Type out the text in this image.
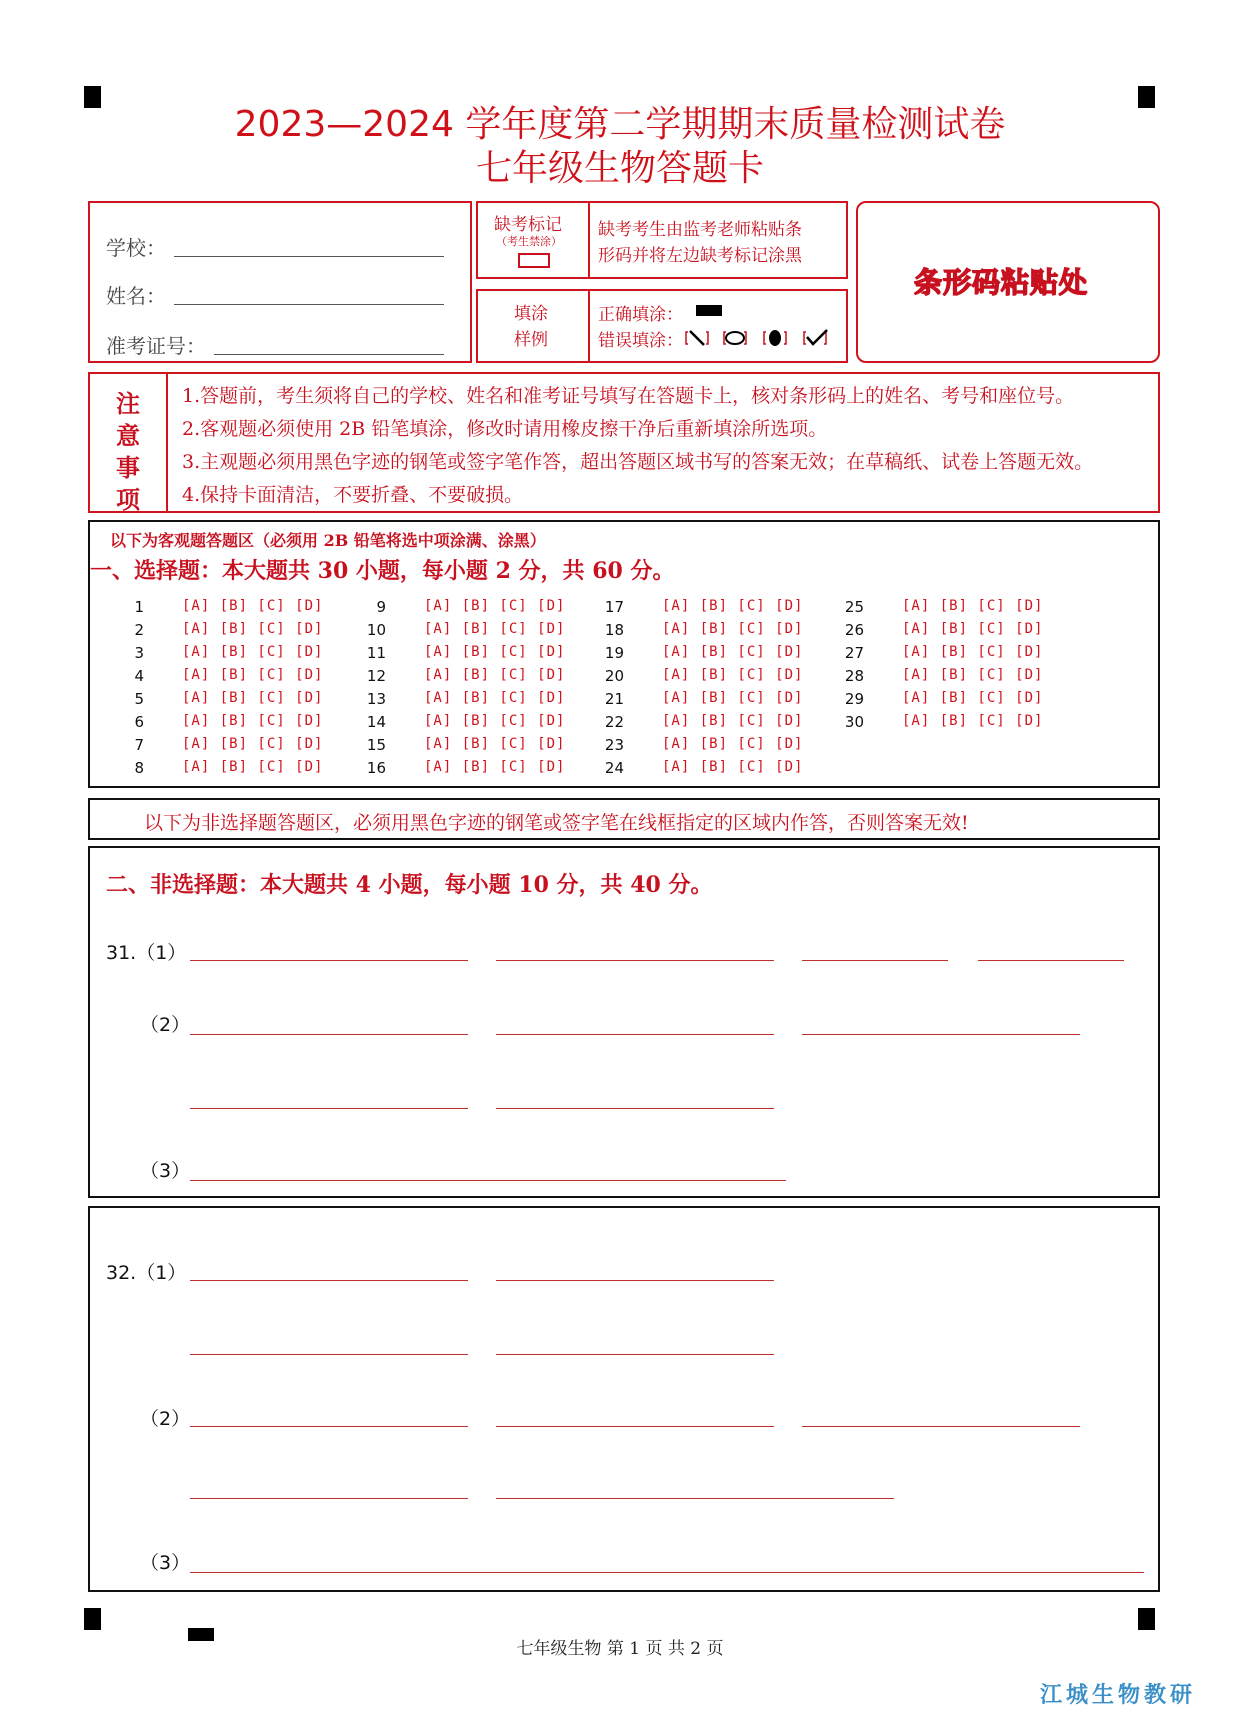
2023—2024 学年度第二学期期末质量检测试卷
七年级生物答题卡
学校：
姓名：
准考证号：
缺考标记
（考生禁涂）
缺考考生由监考老师粘贴条
形码并将左边缺考标记涂黑
填涂
样例
正确填涂：
错误填涂：
条形码粘贴处
注
意
事
项
1.答题前，考生须将自己的学校、姓名和准考证号填写在答题卡上，核对条形码上的姓名、考号和座位号。
2.客观题必须使用 2B 铅笔填涂，修改时请用橡皮擦干净后重新填涂所选项。
3.主观题必须用黑色字迹的钢笔或签字笔作答，超出答题区域书写的答案无效；在草稿纸、试卷上答题无效。
4.保持卡面清洁，不要折叠、不要破损。
以下为客观题答题区（必须用 2B 铅笔将选中项涂满、涂黑）
一、选择题：本大题共 30 小题，每小题 2 分，共 60 分。
1	[A] [B] [C] [D]
2	[A] [B] [C] [D]
3	[A] [B] [C] [D]
4	[A] [B] [C] [D]
5	[A] [B] [C] [D]
6	[A] [B] [C] [D]
7	[A] [B] [C] [D]
8	[A] [B] [C] [D]
9	[A] [B] [C] [D]
10	[A] [B] [C] [D]
11	[A] [B] [C] [D]
12	[A] [B] [C] [D]
13	[A] [B] [C] [D]
14	[A] [B] [C] [D]
15	[A] [B] [C] [D]
16	[A] [B] [C] [D]
17	[A] [B] [C] [D]
18	[A] [B] [C] [D]
19	[A] [B] [C] [D]
20	[A] [B] [C] [D]
21	[A] [B] [C] [D]
22	[A] [B] [C] [D]
23	[A] [B] [C] [D]
24	[A] [B] [C] [D]
25	[A] [B] [C] [D]
26	[A] [B] [C] [D]
27	[A] [B] [C] [D]
28	[A] [B] [C] [D]
29	[A] [B] [C] [D]
30	[A] [B] [C] [D]
以下为非选择题答题区，必须用黑色字迹的钢笔或签字笔在线框指定的区域内作答，否则答案无效!
二、非选择题：本大题共 4 小题，每小题 10 分，共 40 分。
31.（1）
（2）
（3）
32.（1）
（2）
（3）
七年级生物 第 1 页 共 2 页
江城生物教研
